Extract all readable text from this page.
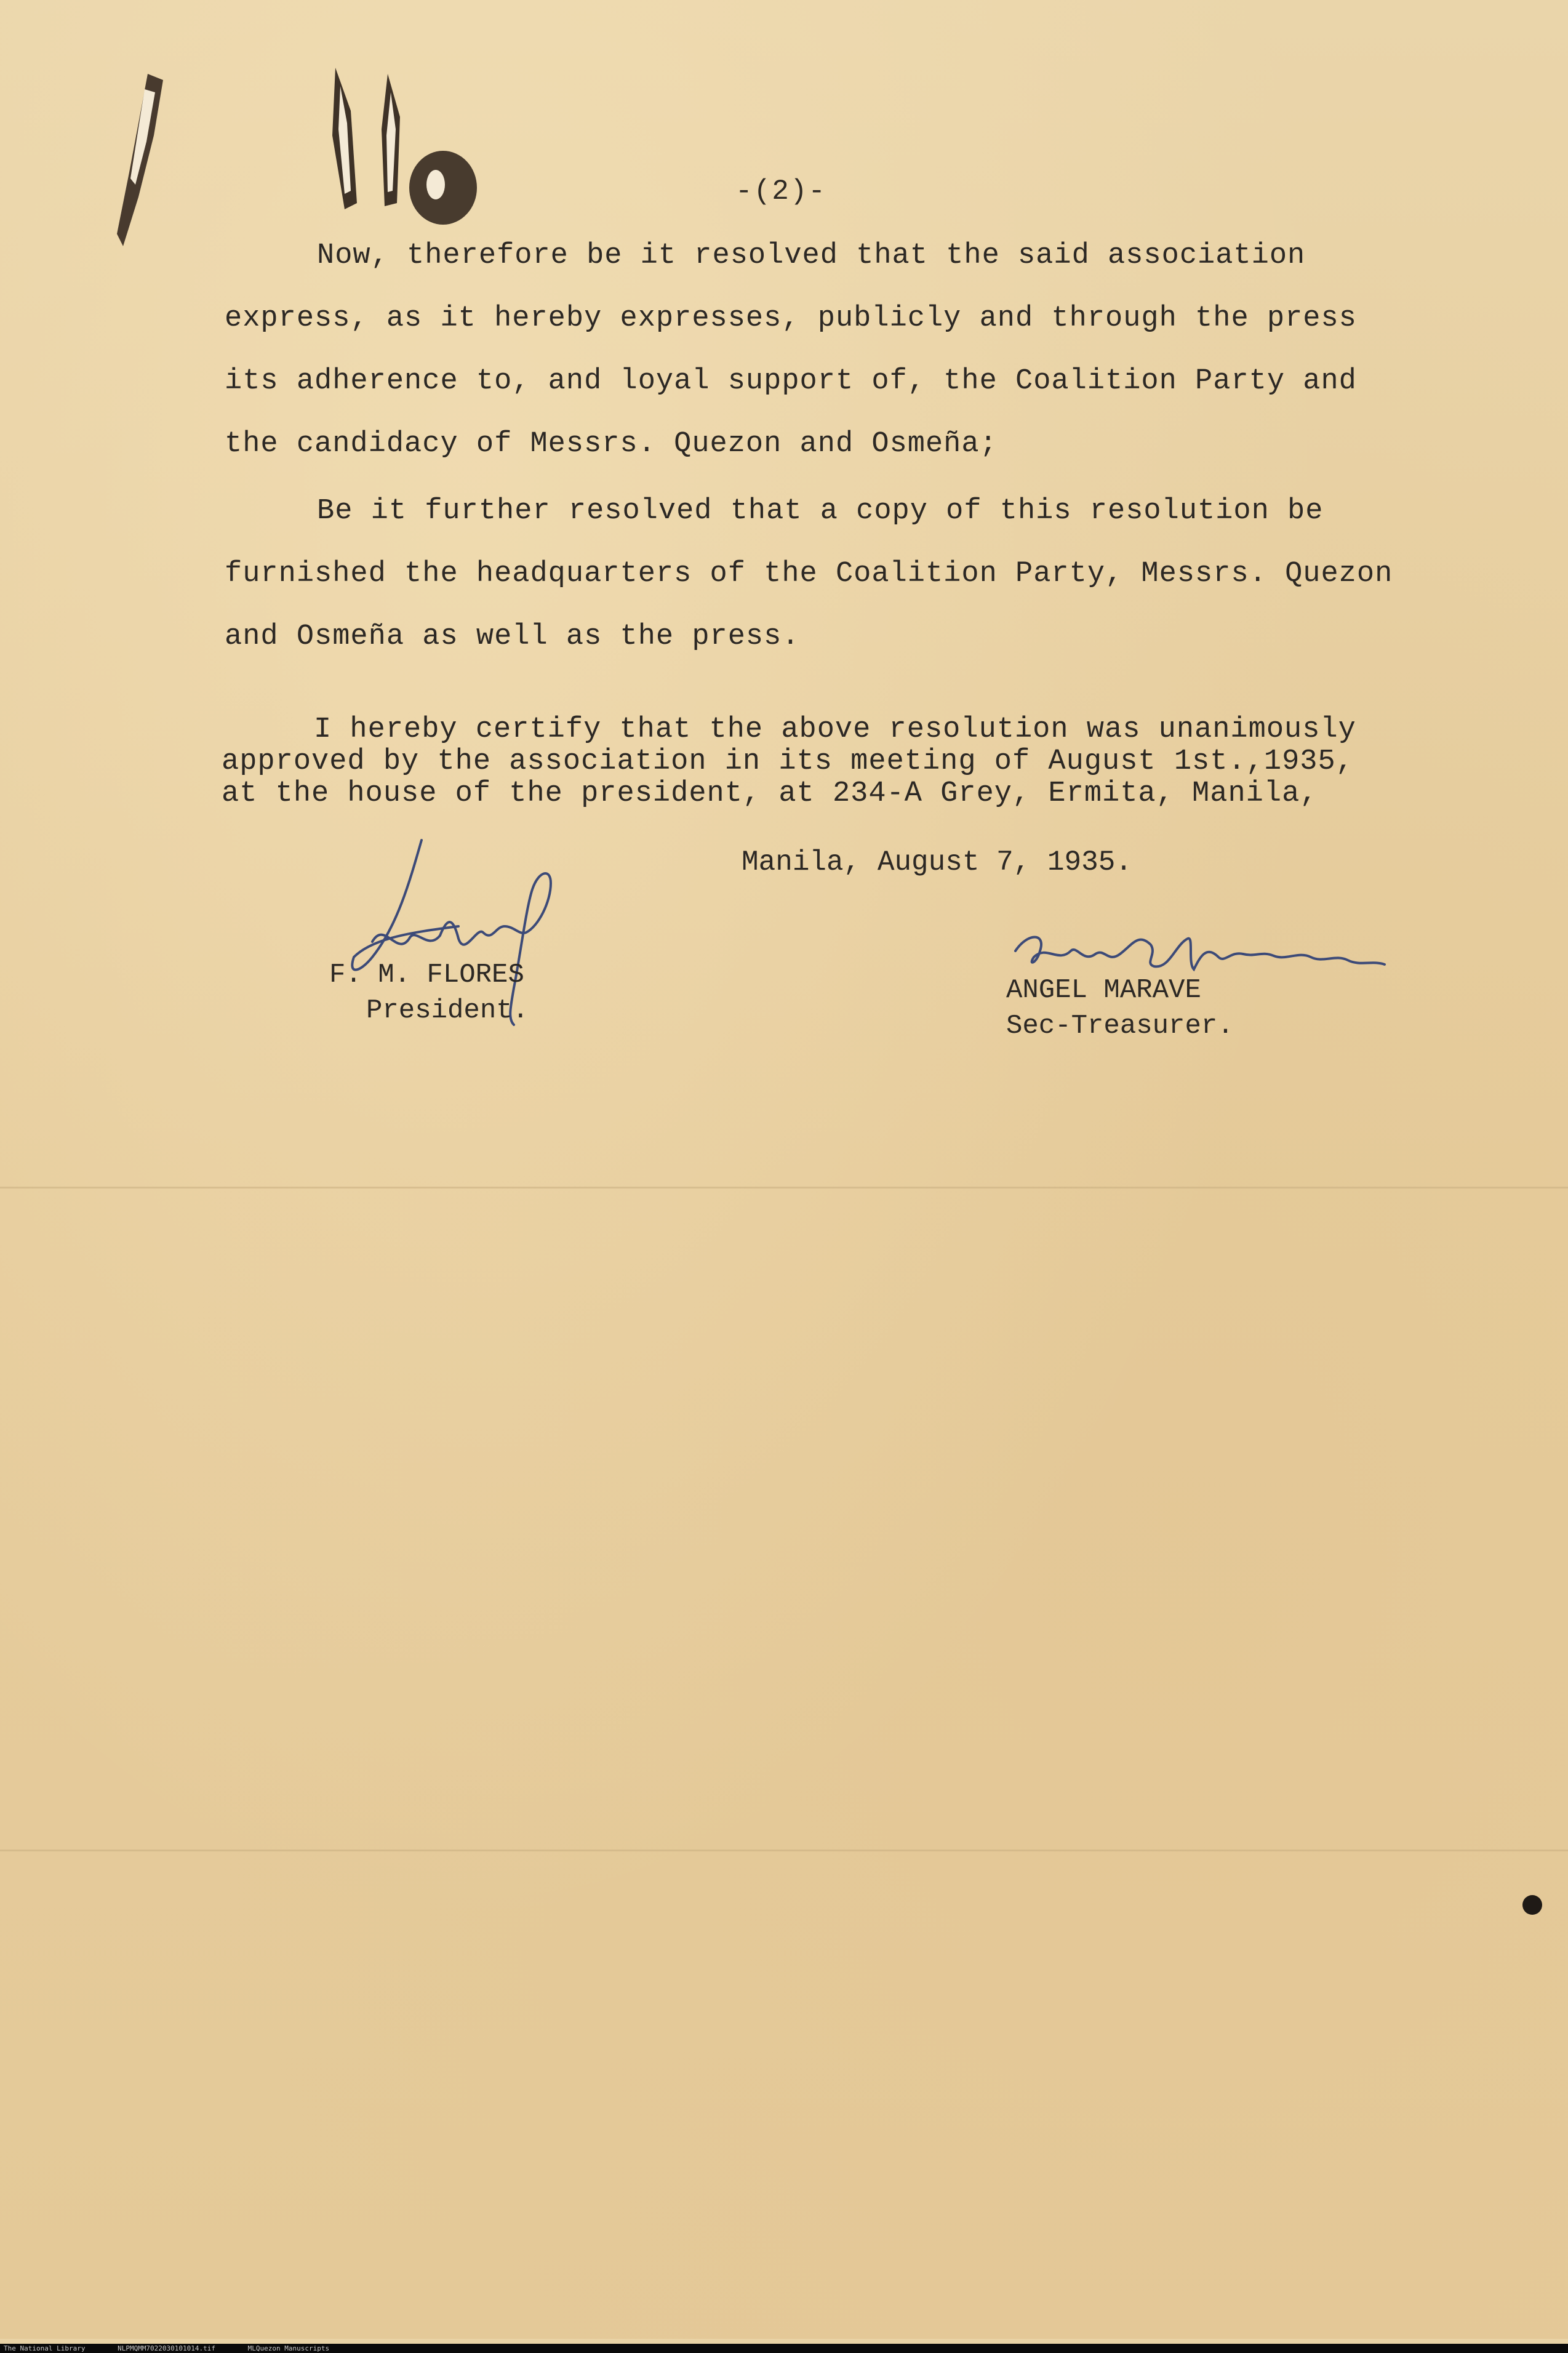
-(2)-
Now, therefore be it resolved that the said association
express, as it hereby expresses, publicly and through the press
its adherence to, and loyal support of, the Coalition Party and
the candidacy of Messrs. Quezon and Osmeña;
Be it further resolved that a copy of this resolution be
furnished the headquarters of the Coalition Party, Messrs. Quezon
and Osmeña as well as the press.
I hereby certify that the above resolution was unanimously
approved by the association in its meeting of August 1st.,1935,
at the house of the president, at 234-A Grey, Ermita, Manila,
Manila, August 7, 1935.
F. M. FLORES
President.
ANGEL MARAVE
Sec-Treasurer.
The National Library	NLPMQMM7022030101014.tif	MLQuezon Manuscripts
